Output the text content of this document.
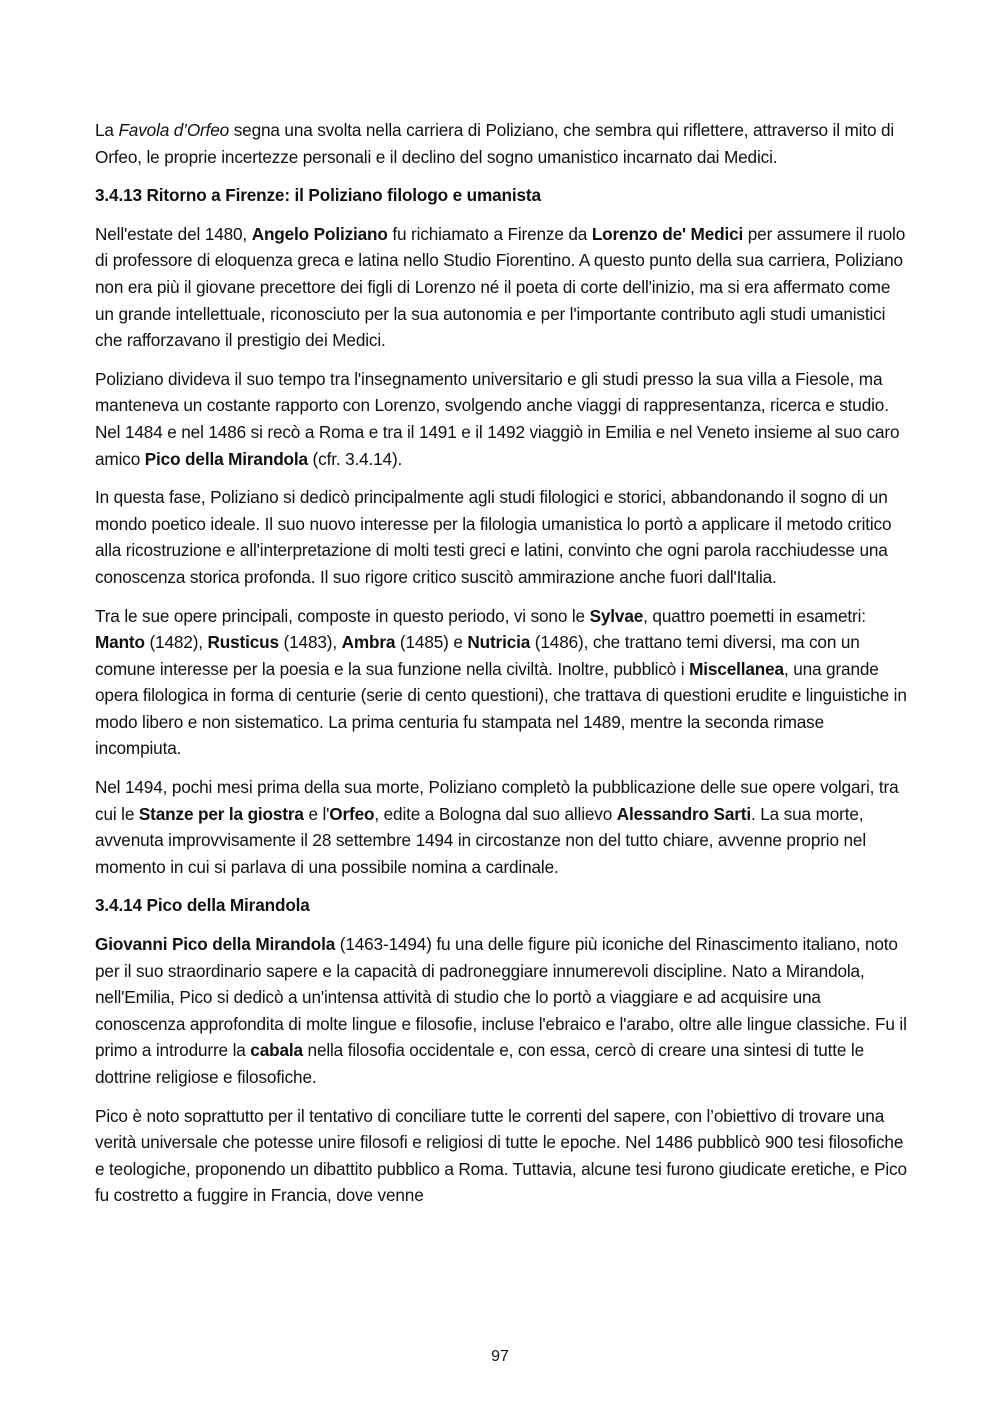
La Favola d’Orfeo segna una svolta nella carriera di Poliziano, che sembra qui riflettere, attraverso il mito di Orfeo, le proprie incertezze personali e il declino del sogno umanistico incarnato dai Medici.

3.4.13 Ritorno a Firenze: il Poliziano filologo e umanista

Nell'estate del 1480, Angelo Poliziano fu richiamato a Firenze da Lorenzo de' Medici per assumere il ruolo di professore di eloquenza greca e latina nello Studio Fiorentino. A questo punto della sua carriera, Poliziano non era più il giovane precettore dei figli di Lorenzo né il poeta di corte dell'inizio, ma si era affermato come un grande intellettuale, riconosciuto per la sua autonomia e per l'importante contributo agli studi umanistici che rafforzavano il prestigio dei Medici.

Poliziano divideva il suo tempo tra l'insegnamento universitario e gli studi presso la sua villa a Fiesole, ma manteneva un costante rapporto con Lorenzo, svolgendo anche viaggi di rappresentanza, ricerca e studio. Nel 1484 e nel 1486 si recò a Roma e tra il 1491 e il 1492 viaggiò in Emilia e nel Veneto insieme al suo caro amico Pico della Mirandola (cfr. 3.4.14).

In questa fase, Poliziano si dedicò principalmente agli studi filologici e storici, abbandonando il sogno di un mondo poetico ideale. Il suo nuovo interesse per la filologia umanistica lo portò a applicare il metodo critico alla ricostruzione e all'interpretazione di molti testi greci e latini, convinto che ogni parola racchiudesse una conoscenza storica profonda. Il suo rigore critico suscitò ammirazione anche fuori dall'Italia.

Tra le sue opere principali, composte in questo periodo, vi sono le Sylvae, quattro poemetti in esametri: Manto (1482), Rusticus (1483), Ambra (1485) e Nutricia (1486), che trattano temi diversi, ma con un comune interesse per la poesia e la sua funzione nella civiltà. Inoltre, pubblicò i Miscellanea, una grande opera filologica in forma di centurie (serie di cento questioni), che trattava di questioni erudite e linguistiche in modo libero e non sistematico. La prima centuria fu stampata nel 1489, mentre la seconda rimase incompiuta.

Nel 1494, pochi mesi prima della sua morte, Poliziano completò la pubblicazione delle sue opere volgari, tra cui le Stanze per la giostra e l'Orfeo, edite a Bologna dal suo allievo Alessandro Sarti. La sua morte, avvenuta improvvisamente il 28 settembre 1494 in circostanze non del tutto chiare, avvenne proprio nel momento in cui si parlava di una possibile nomina a cardinale.

3.4.14 Pico della Mirandola

Giovanni Pico della Mirandola (1463-1494) fu una delle figure più iconiche del Rinascimento italiano, noto per il suo straordinario sapere e la capacità di padroneggiare innumerevoli discipline. Nato a Mirandola, nell'Emilia, Pico si dedicò a un'intensa attività di studio che lo portò a viaggiare e ad acquisire una conoscenza approfondita di molte lingue e filosofie, incluse l'ebraico e l'arabo, oltre alle lingue classiche. Fu il primo a introdurre la cabala nella filosofia occidentale e, con essa, cercò di creare una sintesi di tutte le dottrine religiose e filosofiche.

Pico è noto soprattutto per il tentativo di conciliare tutte le correnti del sapere, con l’obiettivo di trovare una verità universale che potesse unire filosofi e religiosi di tutte le epoche. Nel 1486 pubblicò 900 tesi filosofiche e teologiche, proponendo un dibattito pubblico a Roma. Tuttavia, alcune tesi furono giudicate eretiche, e Pico fu costretto a fuggire in Francia, dove venne

97
